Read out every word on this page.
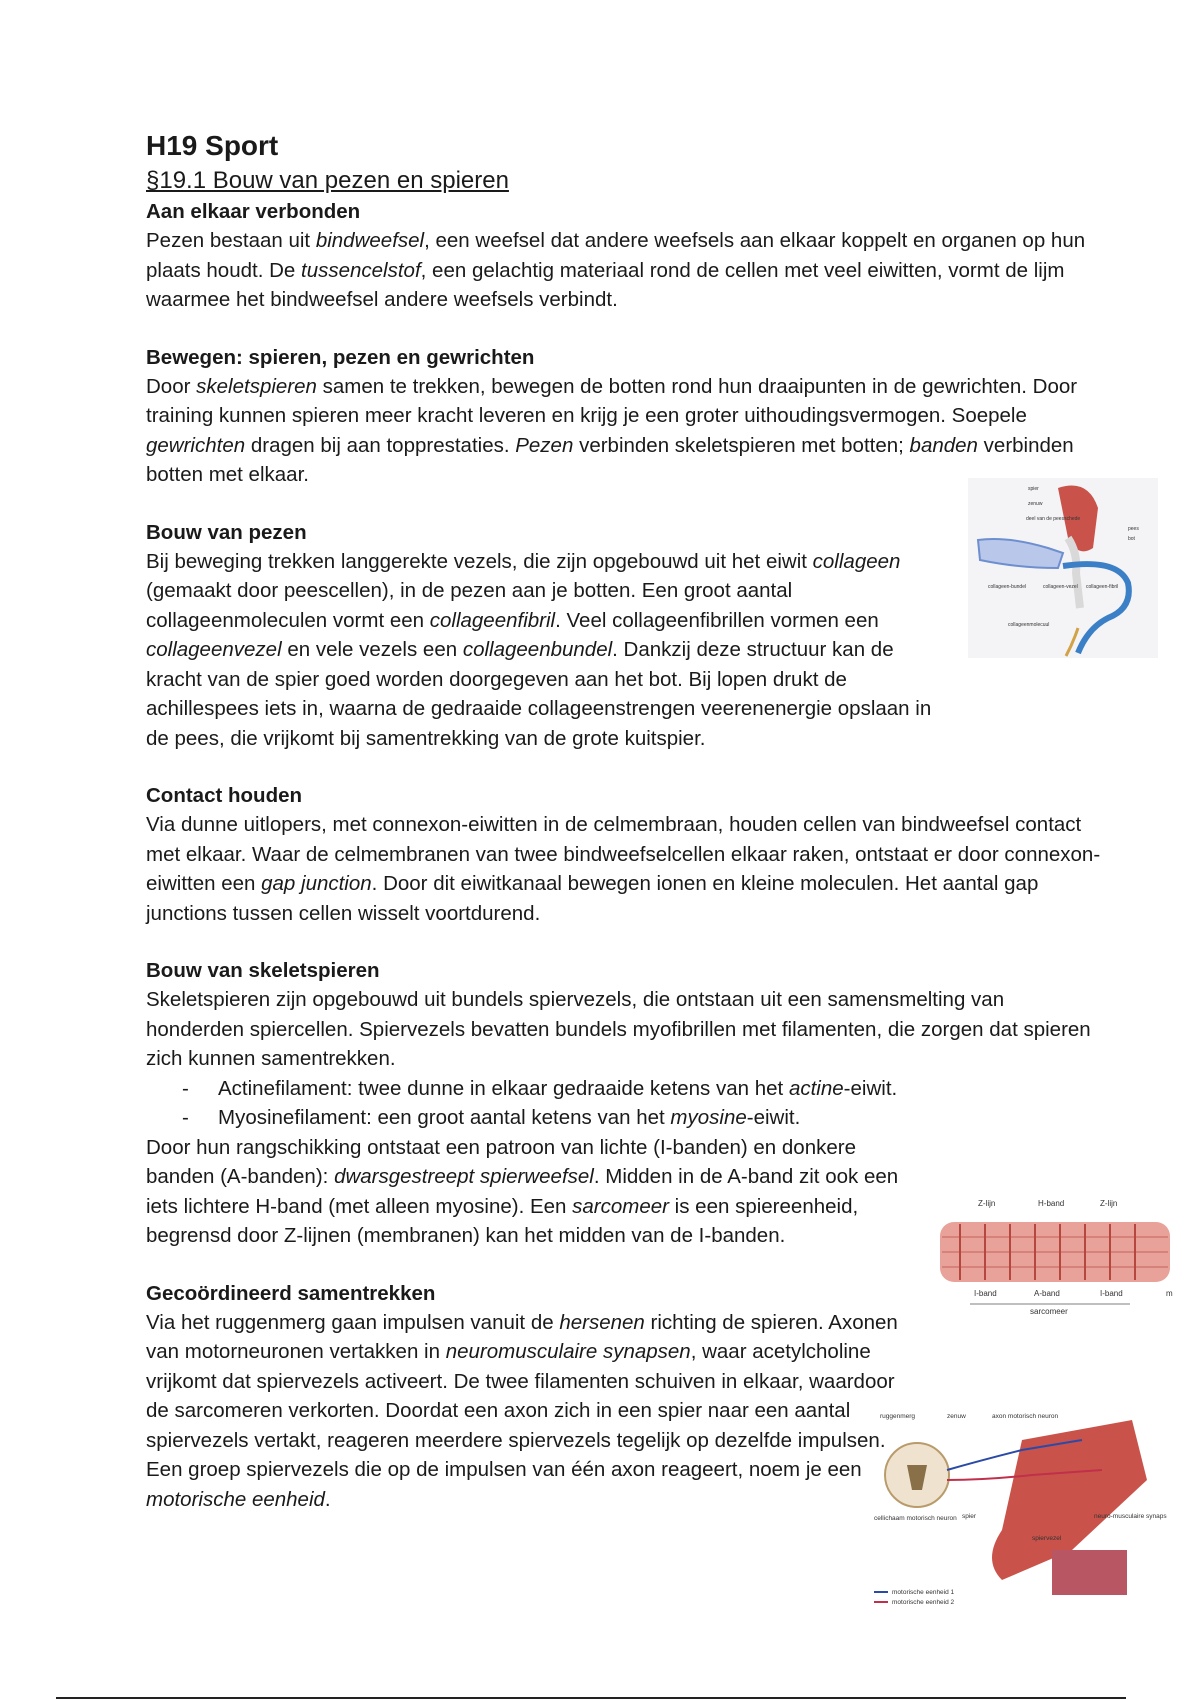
H19 Sport
§19.1 Bouw van pezen en spieren
Aan elkaar verbonden

Pezen bestaan uit bindweefsel, een weefsel dat andere weefsels aan elkaar koppelt en organen op hun plaats houdt. De tussencelstof, een gelachtig materiaal rond de cellen met veel eiwitten, vormt de lijm waarmee het bindweefsel andere weefsels verbindt.

Bewegen: spieren, pezen en gewrichten

Door skeletspieren samen te trekken, bewegen de botten rond hun draaipunten in de gewrichten. Door training kunnen spieren meer kracht leveren en krijg je een groter uithoudingsvermogen. Soepele gewrichten dragen bij aan topprestaties. Pezen verbinden skeletspieren met botten; banden verbinden botten met elkaar.

Bouw van pezen

Bij beweging trekken langgerekte vezels, die zijn opgebouwd uit het eiwit collageen (gemaakt door peescellen), in de pezen aan je botten. Een groot aantal collageenmoleculen vormt een collageenfibril. Veel collageenfibrillen vormen een collageenvezel en vele vezels een collageenbundel. Dankzij deze structuur kan de kracht van de spier goed worden doorgegeven aan het bot. Bij lopen drukt de achillespees iets in, waarna de gedraaide collageenstrengen veerenenergie opslaan in de pees, die vrijkomt bij samentrekking van de grote kuitspier.

Contact houden

Via dunne uitlopers, met connexon-eiwitten in de celmembraan, houden cellen van bindweefsel contact met elkaar. Waar de celmembranen van twee bindweefselcellen elkaar raken, ontstaat er door connexon-eiwitten een gap junction. Door dit eiwitkanaal bewegen ionen en kleine moleculen. Het aantal gap junctions tussen cellen wisselt voortdurend.

Bouw van skeletspieren

Skeletspieren zijn opgebouwd uit bundels spiervezels, die ontstaan uit een samensmelting van honderden spiercellen. Spiervezels bevatten bundels myofibrillen met filamenten, die zorgen dat spieren zich kunnen samentrekken.

- Actinefilament: twee dunne in elkaar gedraaide ketens van het actine-eiwit.
- Myosinefilament: een groot aantal ketens van het myosine-eiwit.

Door hun rangschikking ontstaat een patroon van lichte (I-banden) en donkere banden (A-banden): dwarsgestreept spierweefsel. Midden in de A-band zit ook een iets lichtere H-band (met alleen myosine). Een sarcomeer is een spiereenheid, begrensd door Z-lijnen (membranen) kan het midden van de I-banden.

Gecoördineerd samentrekken

Via het ruggenmerg gaan impulsen vanuit de hersenen richting de spieren. Axonen van motorneuronen vertakken in neuromusculaire synapsen, waar acetylcholine vrijkomt dat spiervezels activeert. De twee filamenten schuiven in elkaar, waardoor de sarcomeren verkorten. Doordat een axon zich in een spier naar een aantal spiervezels vertakt, reageren meerdere spiervezels tegelijk op dezelfde impulsen. Een groep spiervezels die op de impulsen van één axon reageert, noem je een motorische eenheid.

spier
zenuw
deel van de peesschede
pees
bot
collageen-bundel	collageen-vezel collageen-fibril
collageenmolecuul
Z-lijn	H-band	Z-lijn
I-band	A-band	I-band
sarcomeer
m
ruggenmerg	zenuw	axon motorisch neuron
cellichaam motorisch neuron spier
spiervezel
neuro-musculaire synaps
motorische eenheid 1
motorische eenheid 2
